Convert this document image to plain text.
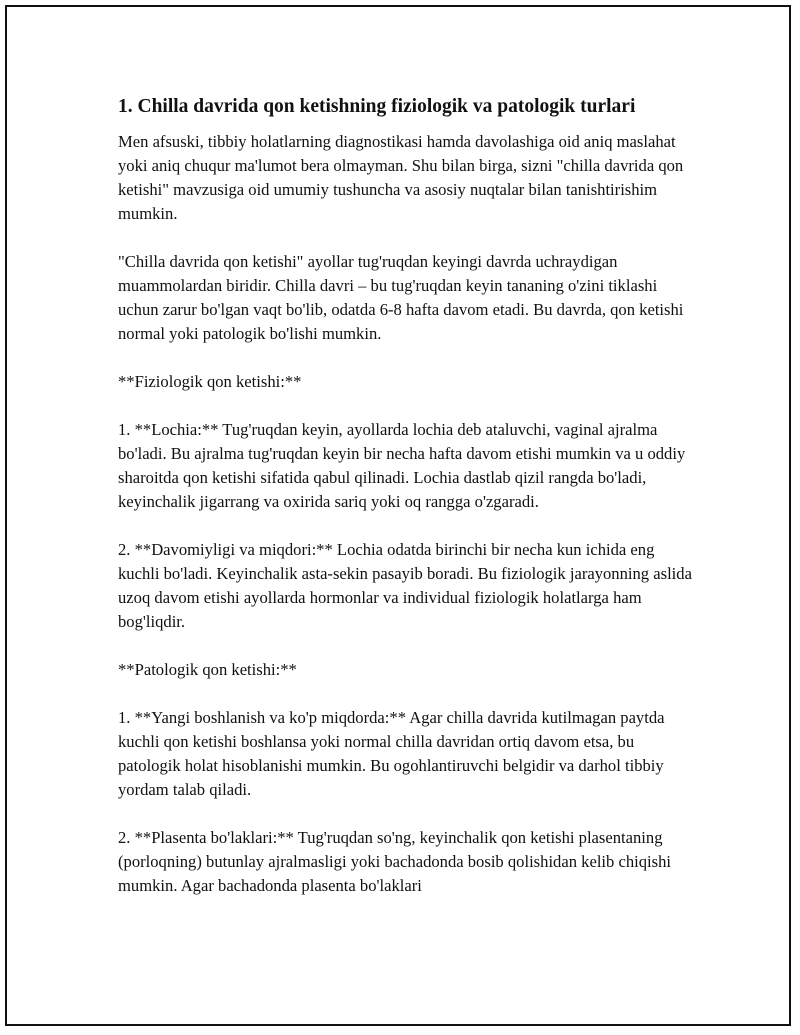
1. Chilla davrida qon ketishning fiziologik va patologik turlari

Men afsuski, tibbiy holatlarning diagnostikasi hamda davolashiga oid aniq maslahat yoki aniq chuqur ma'lumot bera olmayman. Shu bilan birga, sizni "chilla davrida qon ketishi" mavzusiga oid umumiy tushuncha va asosiy nuqtalar bilan tanishtirishim mumkin.

"Chilla davrida qon ketishi" ayollar tug'ruqdan keyingi davrda uchraydigan muammolardan biridir. Chilla davri – bu tug'ruqdan keyin tananing o'zini tiklashi uchun zarur bo'lgan vaqt bo'lib, odatda 6-8 hafta davom etadi. Bu davrda, qon ketishi normal yoki patologik bo'lishi mumkin.

**Fiziologik qon ketishi:**

1. **Lochia:** Tug'ruqdan keyin, ayollarda lochia deb ataluvchi, vaginal ajralma bo'ladi. Bu ajralma tug'ruqdan keyin bir necha hafta davom etishi mumkin va u oddiy sharoitda qon ketishi sifatida qabul qilinadi. Lochia dastlab qizil rangda bo'ladi, keyinchalik jigarrang va oxirida sariq yoki oq rangga o'zgaradi.

2. **Davomiyligi va miqdori:** Lochia odatda birinchi bir necha kun ichida eng kuchli bo'ladi. Keyinchalik asta-sekin pasayib boradi. Bu fiziologik jarayonning aslida uzoq davom etishi ayollarda hormonlar va individual fiziologik holatlarga ham bog'liqdir.

**Patologik qon ketishi:**

1. **Yangi boshlanish va ko'p miqdorda:** Agar chilla davrida kutilmagan paytda kuchli qon ketishi boshlansa yoki normal chilla davridan ortiq davom etsa, bu patologik holat hisoblanishi mumkin. Bu ogohlantiruvchi belgidir va darhol tibbiy yordam talab qiladi.

2. **Plasenta bo'laklari:** Tug'ruqdan so'ng, keyinchalik qon ketishi plasentaning (porloqning) butunlay ajralmasligi yoki bachadonda bosib qolishidan kelib chiqishi mumkin. Agar bachadonda plasenta bo'laklari
